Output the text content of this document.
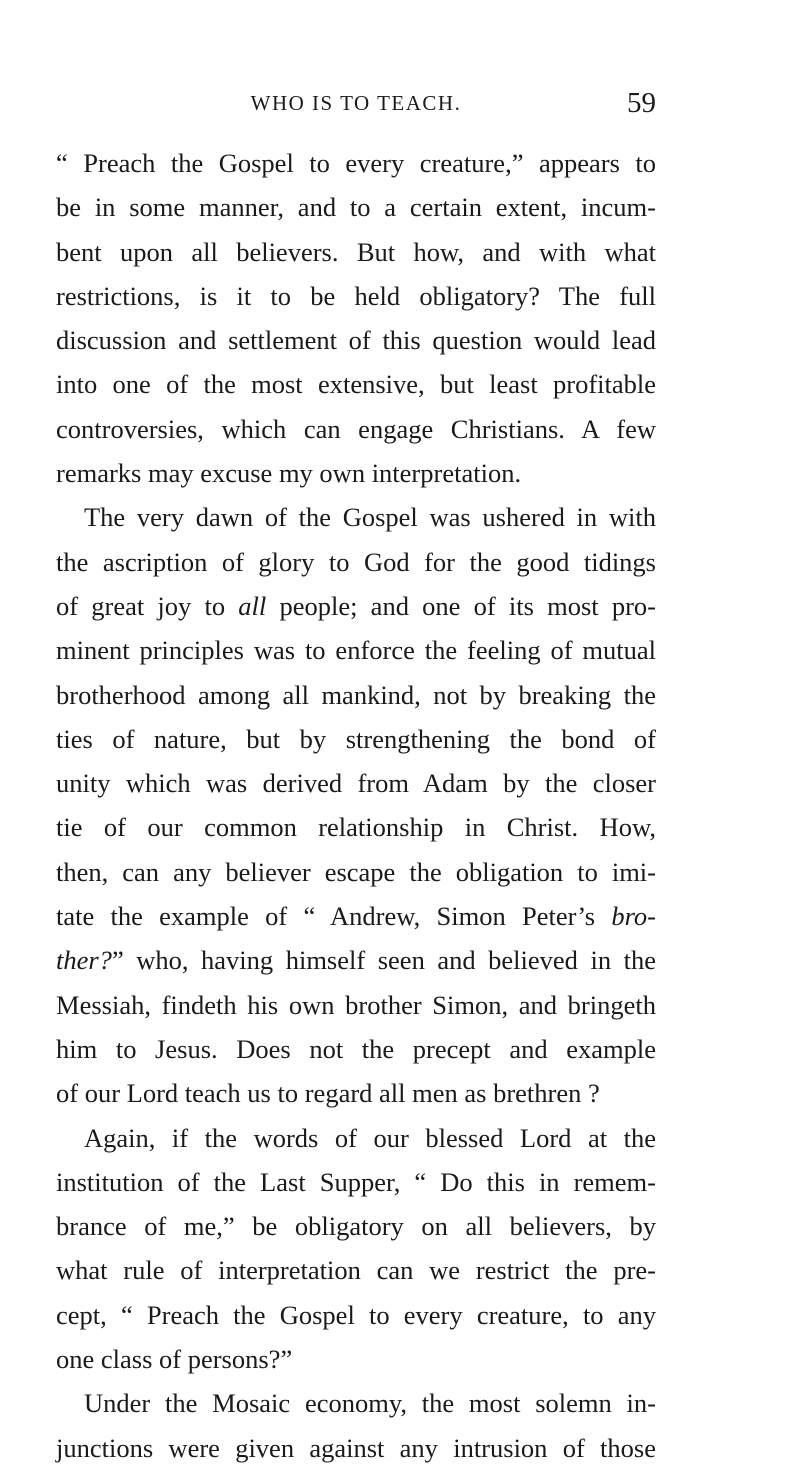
WHO IS TO TEACH.	59
“ Preach the Gospel to every creature,” appears to
be in some manner, and to a certain extent, incum-
bent upon all believers. But how, and with what
restrictions, is it to be held obligatory? The full
discussion and settlement of this question would lead
into one of the most extensive, but least profitable
controversies, which can engage Christians. A few
remarks may excuse my own interpretation.
The very dawn of the Gospel was ushered in with
the ascription of glory to God for the good tidings
of great joy to all people; and one of its most pro-
minent principles was to enforce the feeling of mutual
brotherhood among all mankind, not by breaking the
ties of nature, but by strengthening the bond of
unity which was derived from Adam by the closer
tie of our common relationship in Christ. How,
then, can any believer escape the obligation to imi-
tate the example of “ Andrew, Simon Peter’s bro-
ther?” who, having himself seen and believed in the
Messiah, findeth his own brother Simon, and bringeth
him to Jesus. Does not the precept and example
of our Lord teach us to regard all men as brethren ?
Again, if the words of our blessed Lord at the
institution of the Last Supper, “ Do this in remem-
brance of me,” be obligatory on all believers, by
what rule of interpretation can we restrict the pre-
cept, “ Preach the Gospel to every creature, to any
one class of persons?”
Under the Mosaic economy, the most solemn in-
junctions were given against any intrusion of those
